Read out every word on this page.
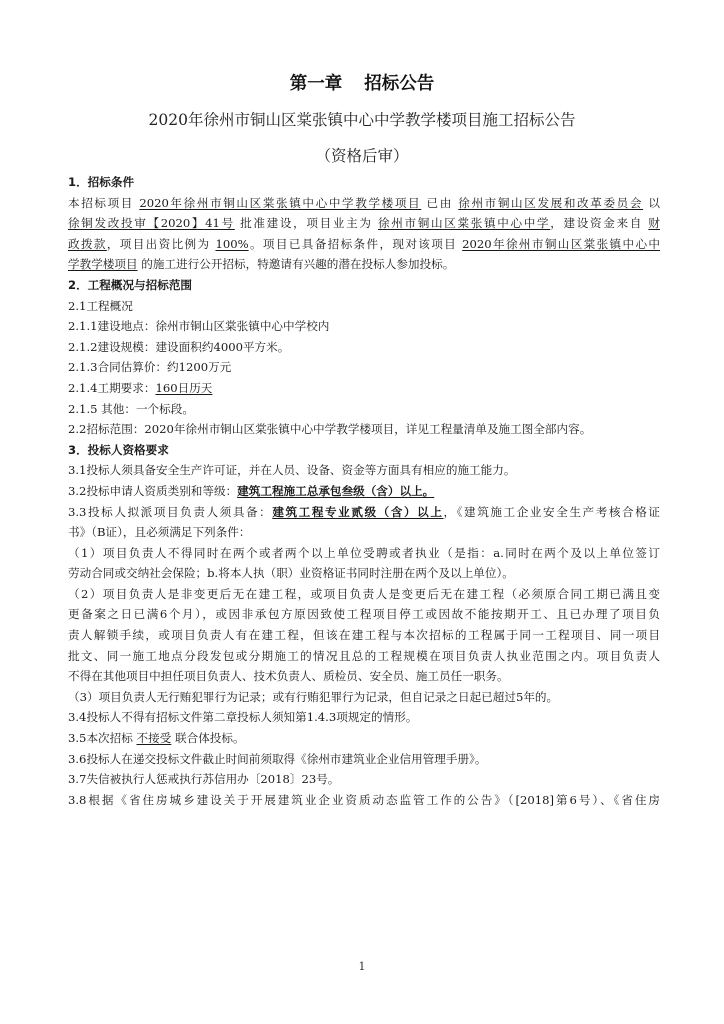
第一章 招标公告
2020年徐州市铜山区棠张镇中心中学教学楼项目施工招标公告
（资格后审）

1．招标条件

本招标项目 2020年徐州市铜山区棠张镇中心中学教学楼项目 已由 徐州市铜山区发展和改革委员会 以

徐铜发改投审【2020】41号 批准建设，项目业主为 徐州市铜山区棠张镇中心中学，建设资金来自 财

政拨款，项目出资比例为 100%。项目已具备招标条件，现对该项目 2020年徐州市铜山区棠张镇中心中

学教学楼项目 的施工进行公开招标，特邀请有兴趣的潜在投标人参加投标。

2．工程概况与招标范围

2.1工程概况

2.1.1建设地点：徐州市铜山区棠张镇中心中学校内

2.1.2建设规模：建设面积约4000平方米。

2.1.3合同估算价：约1200万元

2.1.4工期要求：160日历天

2.1.5 其他：一个标段。

2.2招标范围：2020年徐州市铜山区棠张镇中心中学教学楼项目，详见工程量清单及施工图全部内容。

3．投标人资格要求

3.1投标人须具备安全生产许可证，并在人员、设备、资金等方面具有相应的施工能力。

3.2投标申请人资质类别和等级：建筑工程施工总承包叁级（含）以上。

3.3投标人拟派项目负责人须具备：建筑工程专业贰级（含）以上，《建筑施工企业安全生产考核合格证

书》（B证），且必须满足下列条件：

（1）项目负责人不得同时在两个或者两个以上单位受聘或者执业（是指：a.同时在两个及以上单位签订

劳动合同或交纳社会保险；b.将本人执（职）业资格证书同时注册在两个及以上单位）。

（2）项目负责人是非变更后无在建工程，或项目负责人是变更后无在建工程（必须原合同工期已满且变

更备案之日已满6个月），或因非承包方原因致使工程项目停工或因故不能按期开工、且已办理了项目负

责人解锁手续，或项目负责人有在建工程，但该在建工程与本次招标的工程属于同一工程项目、同一项目

批文、同一施工地点分段发包或分期施工的情况且总的工程规模在项目负责人执业范围之内。项目负责人

不得在其他项目中担任项目负责人、技术负责人、质检员、安全员、施工员任一职务。

（3）项目负责人无行贿犯罪行为记录；或有行贿犯罪行为记录，但自记录之日起已超过5年的。

3.4投标人不得有招标文件第二章投标人须知第1.4.3项规定的情形。

3.5本次招标 不接受 联合体投标。

3.6投标人在递交投标文件截止时间前须取得《徐州市建筑业企业信用管理手册》。

3.7失信被执行人惩戒执行苏信用办〔2018〕23号。

3.8根据《省住房城乡建设关于开展建筑业企业资质动态监管工作的公告》（[2018]第6号）、《省住房

1
